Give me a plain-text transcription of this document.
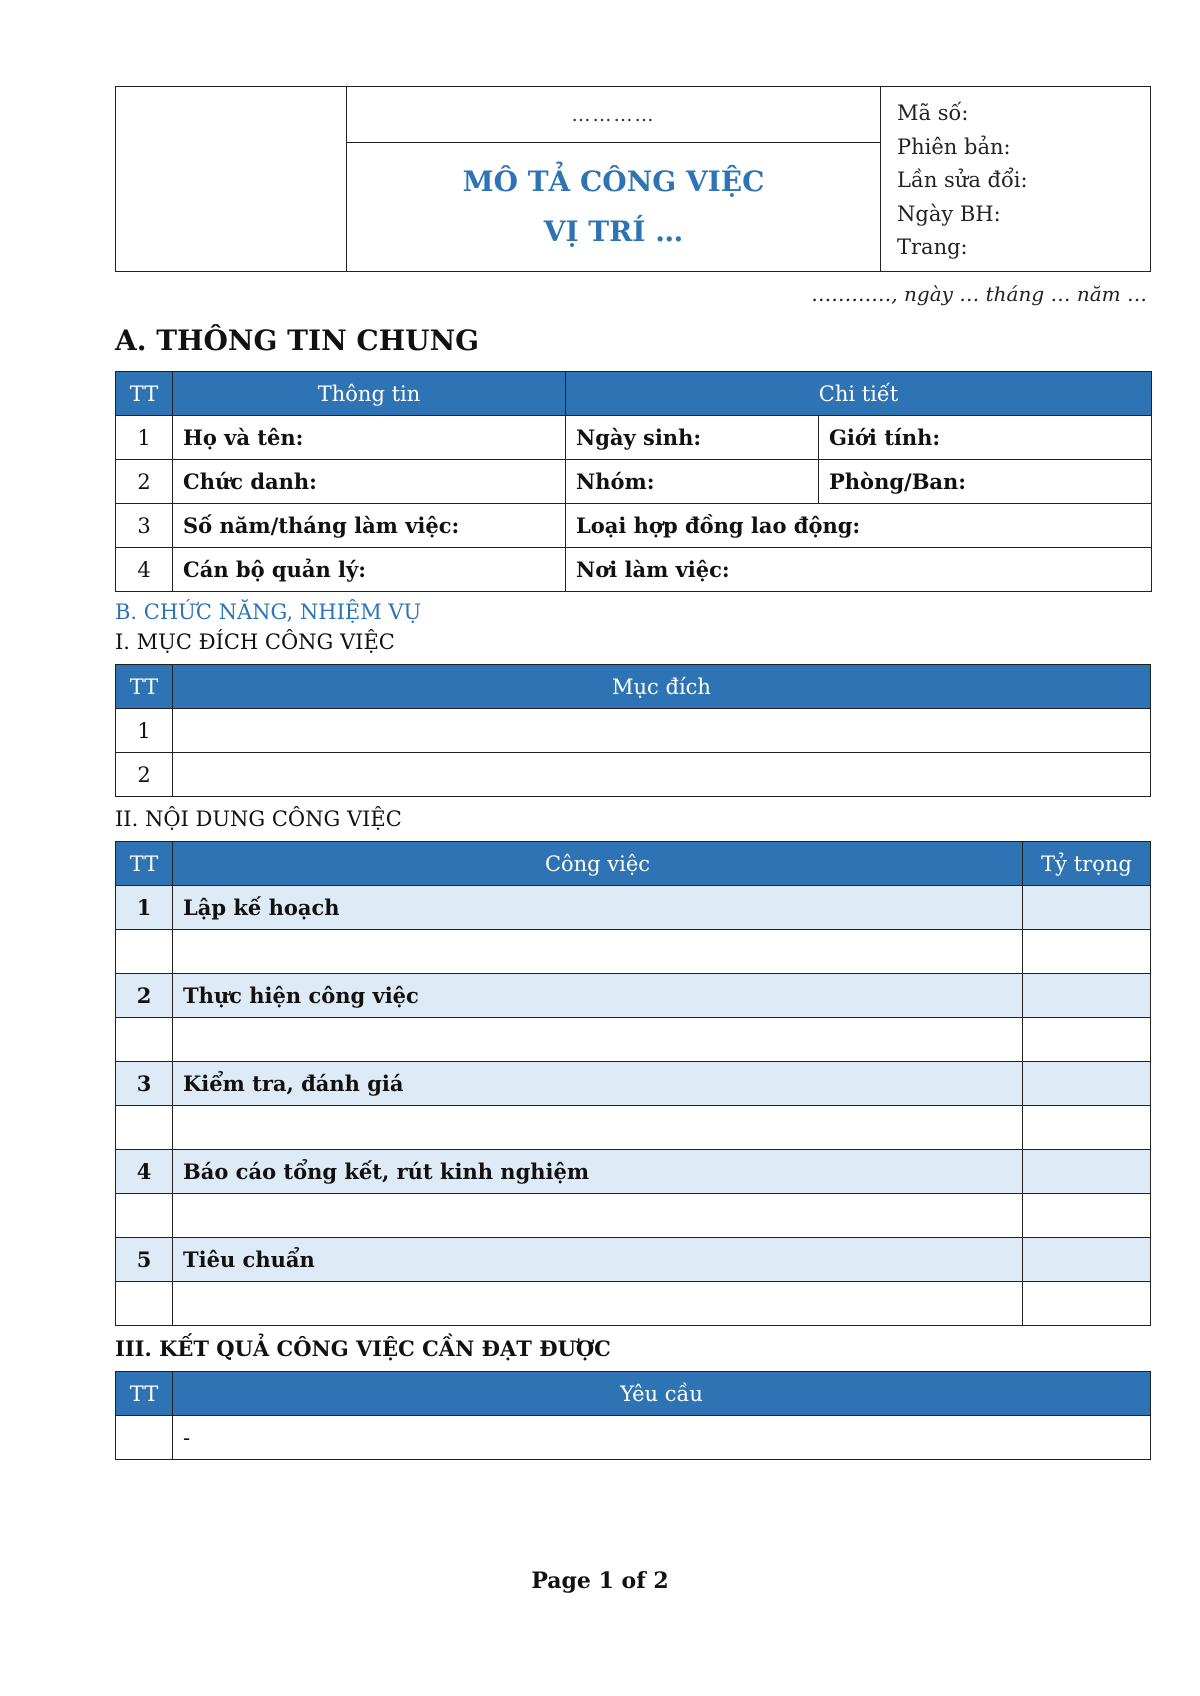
…………
MÔ TẢ CÔNG VIỆC
VỊ TRÍ …
Mã số:
Phiên bản:
Lần sửa đổi:
Ngày BH:
Trang:
…………, ngày … tháng … năm …
A. THÔNG TIN CHUNG
TT	Thông tin	Chi tiết	
1	Họ và tên:	Ngày sinh:	Giới tính:
2	Chức danh:	Nhóm:	Phòng/Ban:
3	Số năm/tháng làm việc:	Loại hợp đồng lao động:	
4	Cán bộ quản lý:	Nơi làm việc:	
B. CHỨC NĂNG, NHIỆM VỤ
I. MỤC ĐÍCH CÔNG VIỆC
TT	Mục đích
1	
2	
II. NỘI DUNG CÔNG VIỆC
TT	Công việc	Tỷ trọng
1	Lập kế hoạch	

2	Thực hiện công việc	

3	Kiểm tra, đánh giá	

4	Báo cáo tổng kết, rút kinh nghiệm	

5	Tiêu chuẩn	

III. KẾT QUẢ CÔNG VIỆC CẦN ĐẠT ĐƯỢC
TT	Yêu cầu
	-
Page 1 of 2
